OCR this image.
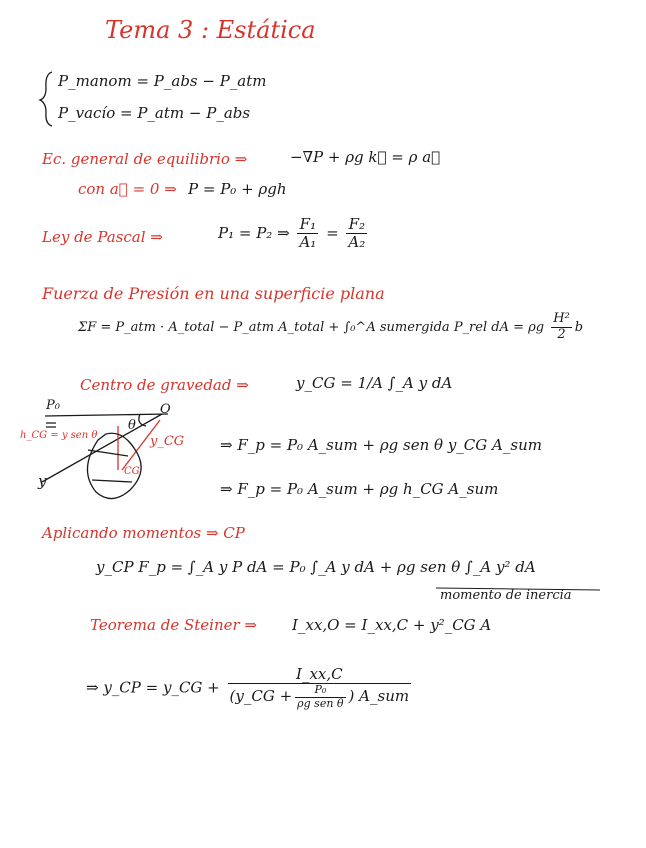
Tema 3 : Estática
P_manom = P_abs − P_atm
P_vacío = P_atm − P_abs
Ec. general de equilibrio ⇒	−∇P + ρg k⃗ = ρ a⃗
con a⃗ = 0 ⇒ P = P₀ + ρgh
Ley de Pascal ⇒	P₁ = P₂ ⇒ $\frac{\text{F₁}}{\text{A₁}} = \frac{\text{F₂}}{\text{A₂}}$
Fuerza de Presión en una superficie plana
ΣF = P_atm · A_total − P_atm A_total + ∫₀^A sumergida P_rel dA = ρg $\frac{\text{H²}}{2}$ b
Centro de gravedad ⇒	y_CG = 1/A ∫_A y dA
P₀	O
θ
h_CG = y sen θ	y_CG
CG
y
⇒ F_p = P₀ A_sum + ρg sen θ y_CG A_sum
⇒ F_p = P₀ A_sum + ρg h_CG A_sum
Aplicando momentos ⇒ CP
y_CP F_p = ∫_A y P dA = P₀ ∫_A y dA + ρg sen θ ∫_A y² dA
momento de inercia
Teorema de Steiner ⇒ I_xx,O = I_xx,C + y²_CG A
⇒ y_CP = y_CG + $\frac{I\_xx,C}{(y\_CG + \frac{\text{P₀}}{\text{ρg sen θ}} ) A\_sum}$
